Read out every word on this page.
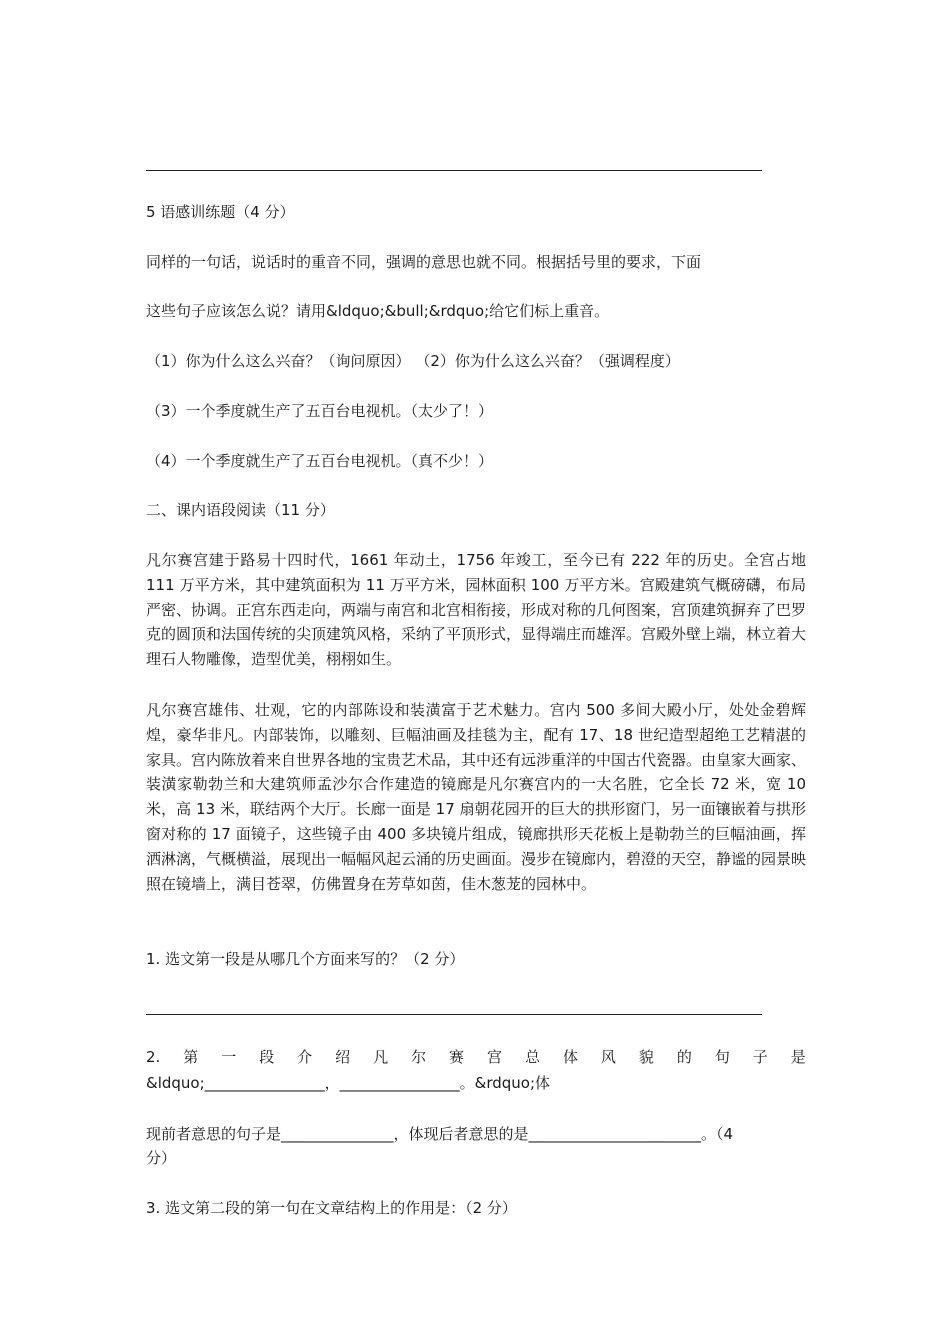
5 语感训练题（4 分）
同样的一句话，说话时的重音不同，强调的意思也就不同。根据括号里的要求，下面
这些句子应该怎么说？请用&ldquo;&bull;&rdquo;给它们标上重音。
（1）你为什么这么兴奋？（询问原因） （2）你为什么这么兴奋？（强调程度）
（3）一个季度就生产了五百台电视机。（太少了！）
（4）一个季度就生产了五百台电视机。（真不少！）
二、课内语段阅读（11 分）
凡尔赛宫建于路易十四时代，1661 年动土，1756 年竣工，至今已有 222 年的历史。全宫占地 111 万平方米，其中建筑面积为 11 万平方米，园林面积 100 万平方米。宫殿建筑气概磅礴，布局严密、协调。正宫东西走向，两端与南宫和北宫相衔接，形成对称的几何图案，宫顶建筑摒弃了巴罗克的圆顶和法国传统的尖顶建筑风格，采纳了平顶形式，显得端庄而雄浑。宫殿外壁上端，林立着大理石人物雕像，造型优美，栩栩如生。
凡尔赛宫雄伟、壮观，它的内部陈设和装潢富于艺术魅力。宫内 500 多间大殿小厅，处处金碧辉煌，豪华非凡。内部装饰，以雕刻、巨幅油画及挂毯为主，配有 17、18 世纪造型超绝工艺精湛的家具。宫内陈放着来自世界各地的宝贵艺术品，其中还有远涉重洋的中国古代瓷器。由皇家大画家、装潢家勒勃兰和大建筑师孟沙尔合作建造的镜廊是凡尔赛宫内的一大名胜，它全长 72 米，宽 10 米，高 13 米，联结两个大厅。长廊一面是 17 扇朝花园开的巨大的拱形窗门，另一面镶嵌着与拱形窗对称的 17 面镜子，这些镜子由 400 多块镜片组成，镜廊拱形天花板上是勒勃兰的巨幅油画，挥洒淋漓，气概横溢，展现出一幅幅风起云涌的历史画面。漫步在镜廊内，碧澄的天空，静谧的园景映照在镜墙上，满目苍翠，仿佛置身在芳草如茵，佳木葱茏的园林中。
1. 选文第一段是从哪几个方面来写的？（2 分）
2. 第 一 段 介 绍 凡 尔 赛 宫 总 体 风 貌 的 句 子 是
&ldquo;________________，________________。&rdquo;体
现前者意思的句子是_______________，体现后者意思的是_______________________。（4
分）
3. 选文第二段的第一句在文章结构上的作用是：（2 分）
